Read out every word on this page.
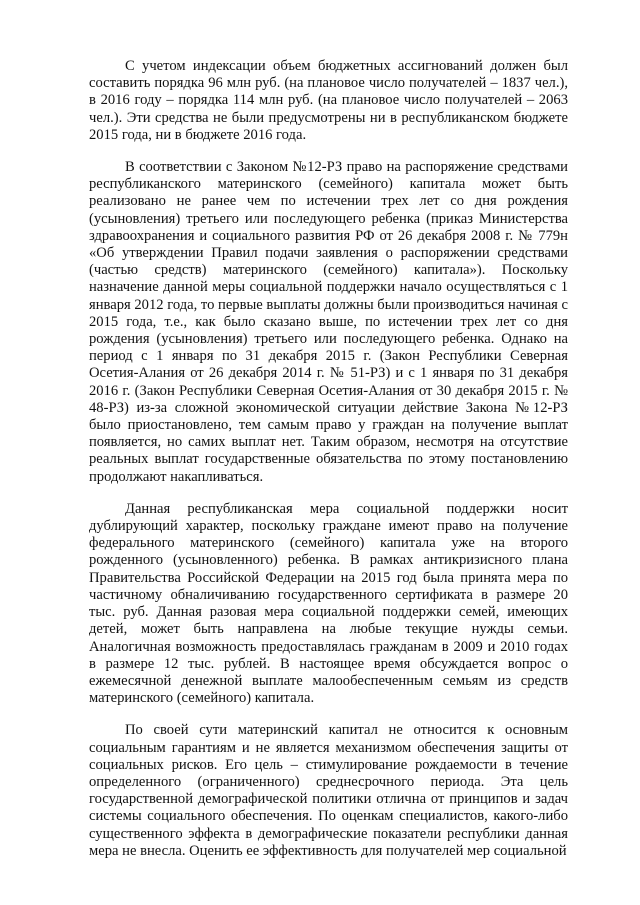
С учетом индексации объем бюджетных ассигнований должен был составить порядка 96 млн руб. (на плановое число получателей – 1837 чел.), в 2016 году – порядка 114 млн руб. (на плановое число получателей – 2063 чел.). Эти средства не были предусмотрены ни в республиканском бюджете 2015 года, ни в бюджете 2016 года.

В соответствии с Законом №12-РЗ право на распоряжение средствами республиканского материнского (семейного) капитала может быть реализовано не ранее чем по истечении трех лет со дня рождения (усыновления) третьего или последующего ребенка (приказ Министерства здравоохранения и социального развития РФ от 26 декабря 2008 г. № 779н «Об утверждении Правил подачи заявления о распоряжении средствами (частью средств) материнского (семейного) капитала»). Поскольку назначение данной меры социальной поддержки начало осуществляться с 1 января 2012 года, то первые выплаты должны были производиться начиная с 2015 года, т.е., как было сказано выше, по истечении трех лет со дня рождения (усыновления) третьего или последующего ребенка. Однако на период с 1 января по 31 декабря 2015 г. (Закон Республики Северная Осетия-Алания от 26 декабря 2014 г. № 51-РЗ) и с 1 января по 31 декабря 2016 г. (Закон Республики Северная Осетия-Алания от 30 декабря 2015 г. № 48-РЗ) из-за сложной экономической ситуации действие Закона №12-РЗ было приостановлено, тем самым право у граждан на получение выплат появляется, но самих выплат нет. Таким образом, несмотря на отсутствие реальных выплат государственные обязательства по этому постановлению продолжают накапливаться.

Данная республиканская мера социальной поддержки носит дублирующий характер, поскольку граждане имеют право на получение федерального материнского (семейного) капитала уже на второго рожденного (усыновленного) ребенка. В рамках антикризисного плана Правительства Российской Федерации на 2015 год была принята мера по частичному обналичиванию государственного сертификата в размере 20 тыс. руб. Данная разовая мера социальной поддержки семей, имеющих детей, может быть направлена на любые текущие нужды семьи. Аналогичная возможность предоставлялась гражданам в 2009 и 2010 годах в размере 12 тыс. рублей. В настоящее время обсуждается вопрос о ежемесячной денежной выплате малообеспеченным семьям из средств материнского (семейного) капитала.

По своей сути материнский капитал не относится к основным социальным гарантиям и не является механизмом обеспечения защиты от социальных рисков. Его цель – стимулирование рождаемости в течение определенного (ограниченного) среднесрочного периода. Эта цель государственной демографической политики отлична от принципов и задач системы социального обеспечения. По оценкам специалистов, какого-либо существенного эффекта в демографические показатели республики данная мера не внесла. Оценить ее эффективность для получателей мер социальной
